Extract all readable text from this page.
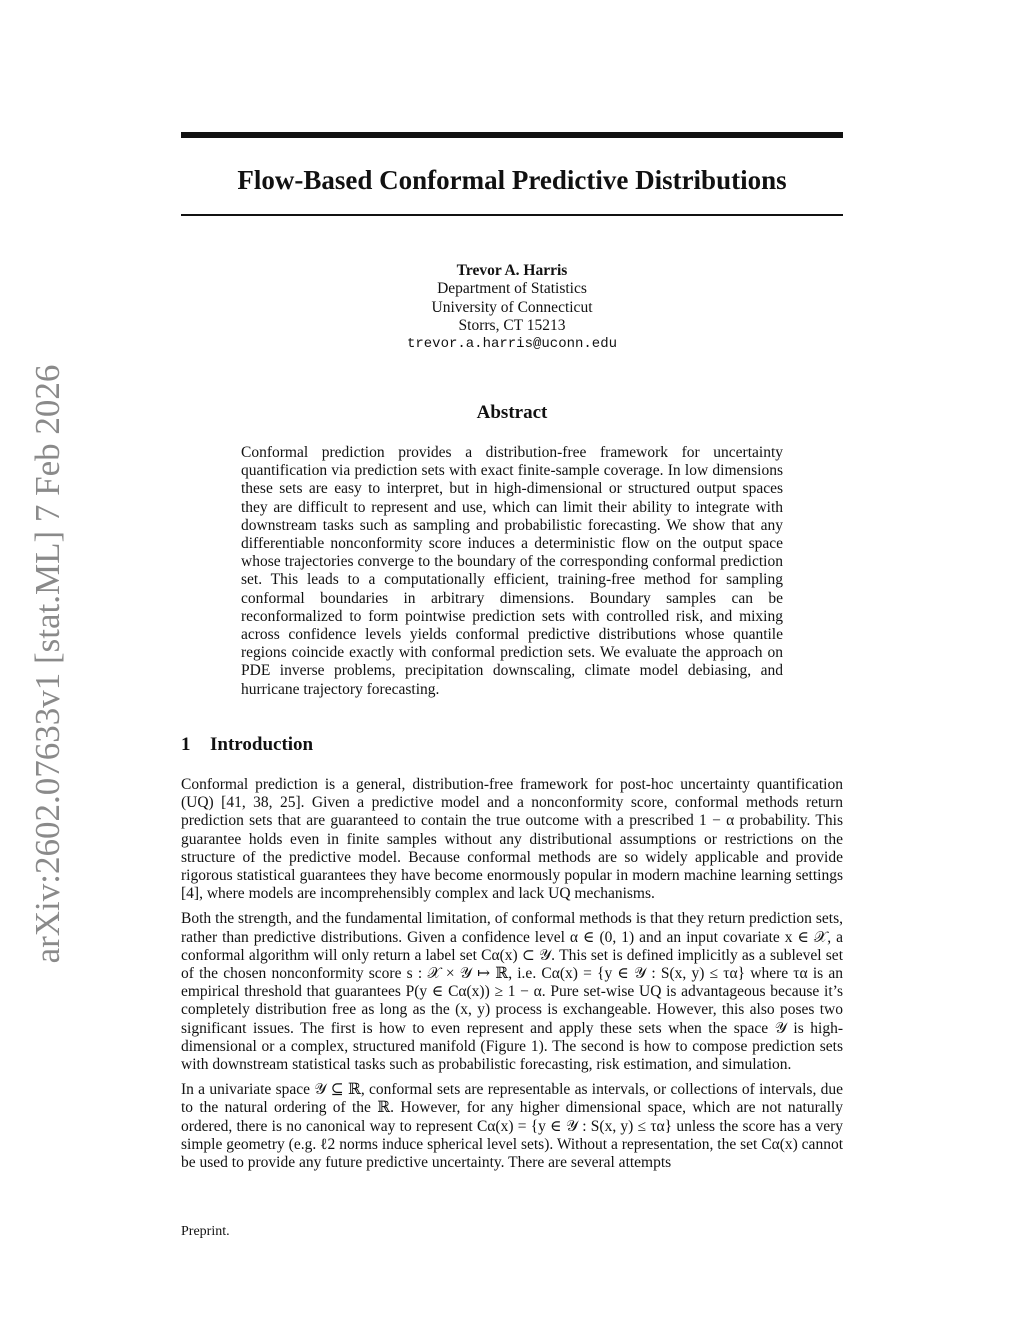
arXiv:2602.07633v1 [stat.ML] 7 Feb 2026
Flow-Based Conformal Predictive Distributions
Trevor A. Harris
Department of Statistics
University of Connecticut
Storrs, CT 15213
trevor.a.harris@uconn.edu
Abstract

Conformal prediction provides a distribution-free framework for uncertainty quantification via prediction sets with exact finite-sample coverage. In low dimensions these sets are easy to interpret, but in high-dimensional or structured output spaces they are difficult to represent and use, which can limit their ability to integrate with downstream tasks such as sampling and probabilistic forecasting. We show that any differentiable nonconformity score induces a deterministic flow on the output space whose trajectories converge to the boundary of the corresponding conformal prediction set. This leads to a computationally efficient, training-free method for sampling conformal boundaries in arbitrary dimensions. Boundary samples can be reconformalized to form pointwise prediction sets with controlled risk, and mixing across confidence levels yields conformal predictive distributions whose quantile regions coincide exactly with conformal prediction sets. We evaluate the approach on PDE inverse problems, precipitation downscaling, climate model debiasing, and hurricane trajectory forecasting.

1 Introduction

Conformal prediction is a general, distribution-free framework for post-hoc uncertainty quantification (UQ) [41, 38, 25]. Given a predictive model and a nonconformity score, conformal methods return prediction sets that are guaranteed to contain the true outcome with a prescribed 1 − α probability. This guarantee holds even in finite samples without any distributional assumptions or restrictions on the structure of the predictive model. Because conformal methods are so widely applicable and provide rigorous statistical guarantees they have become enormously popular in modern machine learning settings [4], where models are incomprehensibly complex and lack UQ mechanisms.

Both the strength, and the fundamental limitation, of conformal methods is that they return prediction sets, rather than predictive distributions. Given a confidence level α ∈ (0, 1) and an input covariate x ∈ 𝒳, a conformal algorithm will only return a label set Cα(x) ⊂ 𝒴. This set is defined implicitly as a sublevel set of the chosen nonconformity score s : 𝒳 × 𝒴 ↦ ℝ, i.e. Cα(x) = {y ∈ 𝒴 : S(x, y) ≤ τα} where τα is an empirical threshold that guarantees P(y ∈ Cα(x)) ≥ 1 − α. Pure set-wise UQ is advantageous because it’s completely distribution free as long as the (x, y) process is exchangeable. However, this also poses two significant issues. The first is how to even represent and apply these sets when the space 𝒴 is high-dimensional or a complex, structured manifold (Figure 1). The second is how to compose prediction sets with downstream statistical tasks such as probabilistic forecasting, risk estimation, and simulation.

In a univariate space 𝒴 ⊆ ℝ, conformal sets are representable as intervals, or collections of intervals, due to the natural ordering of the ℝ. However, for any higher dimensional space, which are not naturally ordered, there is no canonical way to represent Cα(x) = {y ∈ 𝒴 : S(x, y) ≤ τα} unless the score has a very simple geometry (e.g. ℓ2 norms induce spherical level sets). Without a representation, the set Cα(x) cannot be used to provide any future predictive uncertainty. There are several attempts

Preprint.
